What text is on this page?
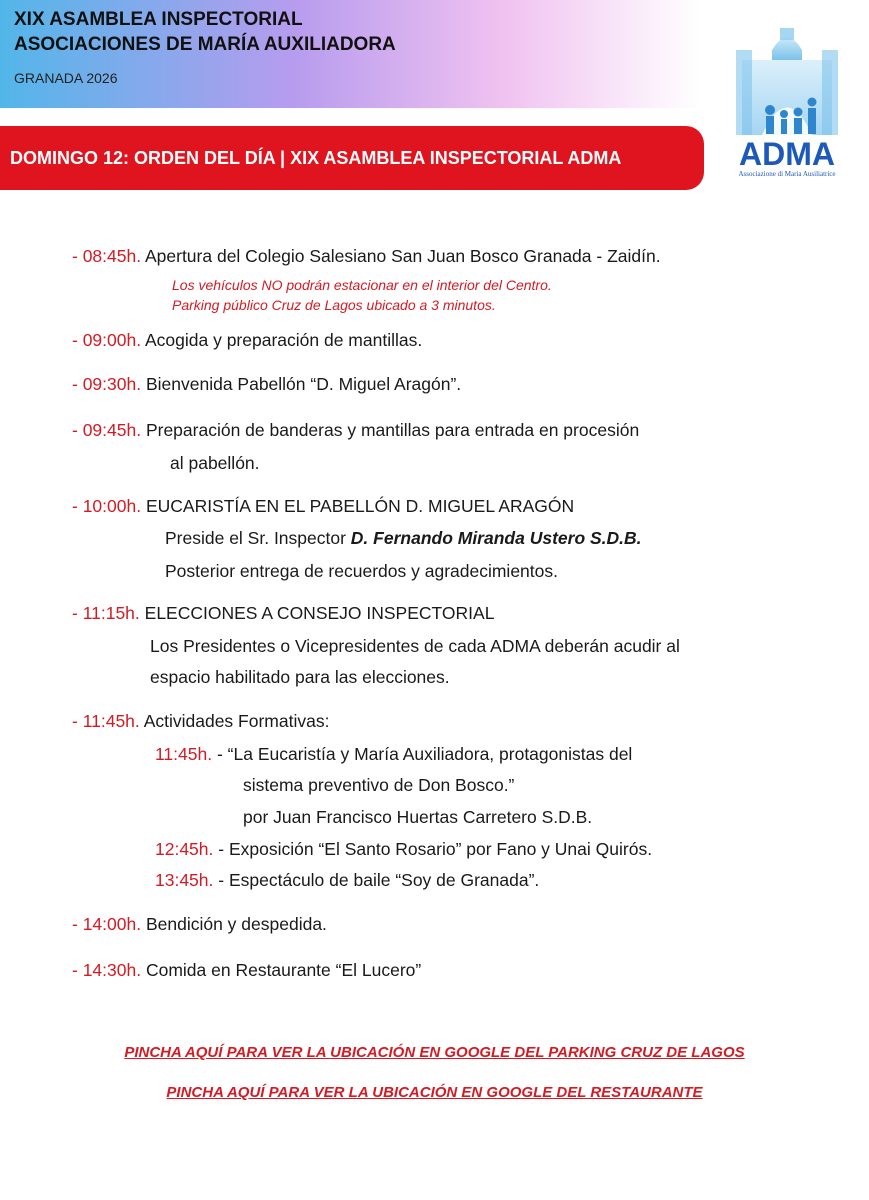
XIX ASAMBLEA INSPECTORIAL
ASOCIACIONES DE MARÍA AUXILIADORA
GRANADA 2026
DOMINGO 12: ORDEN DEL DÍA | XIX ASAMBLEA INSPECTORIAL ADMA	ADMA
Associazione di Maria Ausiliatrice
- 08:45h. Apertura del Colegio Salesiano San Juan Bosco Granada - Zaidín.
Los vehículos NO podrán estacionar en el interior del Centro.
Parking público Cruz de Lagos ubicado a 3 minutos.
- 09:00h. Acogida y preparación de mantillas.
- 09:30h. Bienvenida Pabellón “D. Miguel Aragón”.
- 09:45h. Preparación de banderas y mantillas para entrada en procesión
al pabellón.
- 10:00h. EUCARISTÍA EN EL PABELLÓN D. MIGUEL ARAGÓN
Preside el Sr. Inspector D. Fernando Miranda Ustero S.D.B.
Posterior entrega de recuerdos y agradecimientos.
- 11:15h. ELECCIONES A CONSEJO INSPECTORIAL
Los Presidentes o Vicepresidentes de cada ADMA deberán acudir al
espacio habilitado para las elecciones.
- 11:45h. Actividades Formativas:
11:45h. - “La Eucaristía y María Auxiliadora, protagonistas del
sistema preventivo de Don Bosco.”
por Juan Francisco Huertas Carretero S.D.B.
12:45h. - Exposición “El Santo Rosario” por Fano y Unai Quirós.
13:45h. - Espectáculo de baile “Soy de Granada”.
- 14:00h. Bendición y despedida.
- 14:30h. Comida en Restaurante “El Lucero”
PINCHA AQUÍ PARA VER LA UBICACIÓN EN GOOGLE DEL PARKING CRUZ DE LAGOS
PINCHA AQUÍ PARA VER LA UBICACIÓN EN GOOGLE DEL RESTAURANTE
